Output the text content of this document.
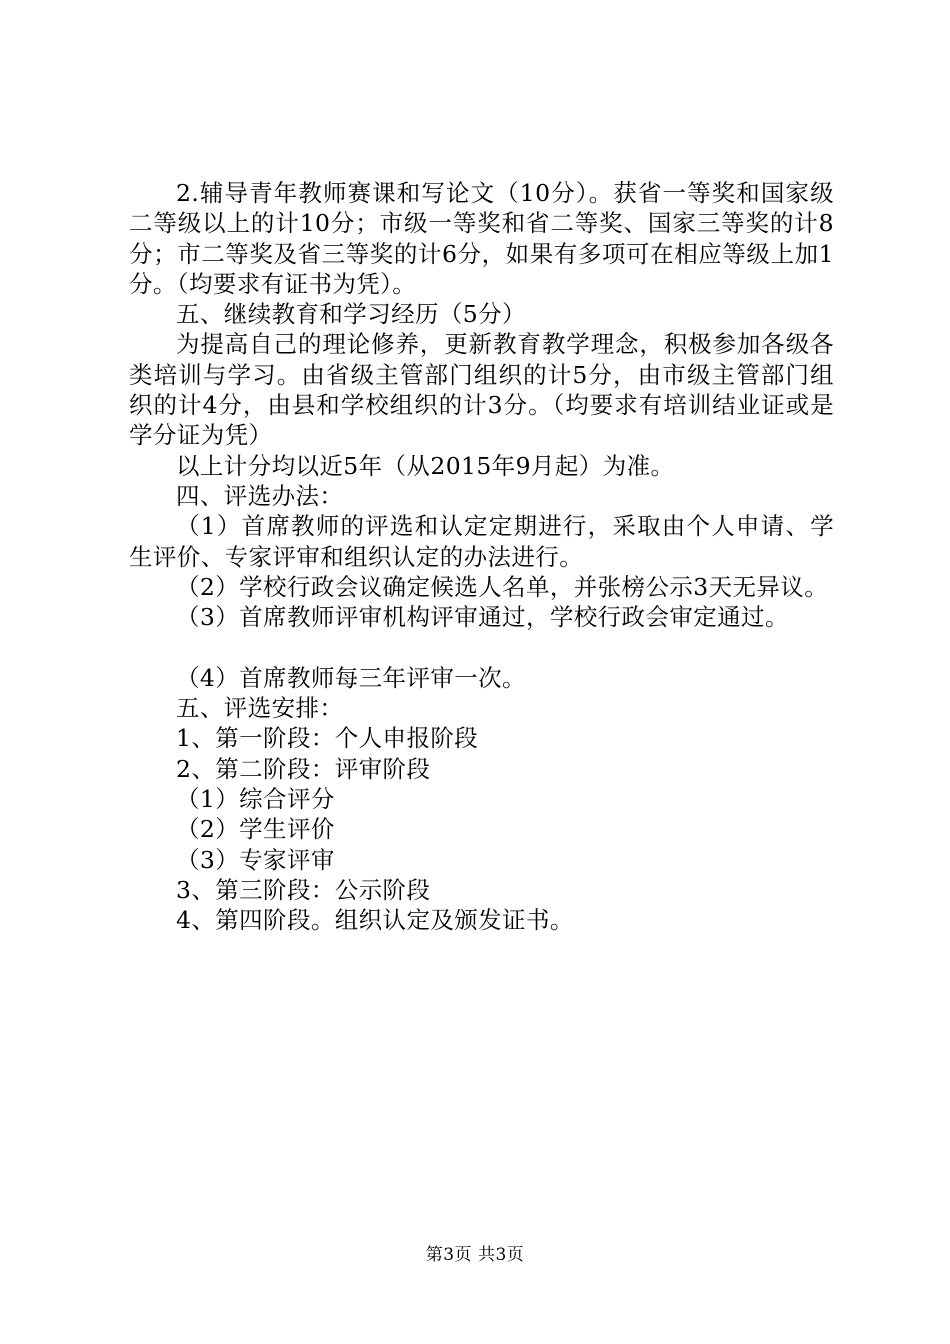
2.辅导青年教师赛课和写论文（10分）。获省一等奖和国家级二等级以上的计10分；市级一等奖和省二等奖、国家三等奖的计8分；市二等奖及省三等奖的计6分，如果有多项可在相应等级上加1分。（均要求有证书为凭）。

五、继续教育和学习经历（5分）

为提高自己的理论修养，更新教育教学理念，积极参加各级各类培训与学习。由省级主管部门组织的计5分，由市级主管部门组织的计4分，由县和学校组织的计3分。（均要求有培训结业证或是学分证为凭）

以上计分均以近5年（从2015年9月起）为准。

四、评选办法：

（1）首席教师的评选和认定定期进行，采取由个人申请、学生评价、专家评审和组织认定的办法进行。

（2）学校行政会议确定候选人名单，并张榜公示3天无异议。

（3）首席教师评审机构评审通过，学校行政会审定通过。

（4）首席教师每三年评审一次。

五、评选安排：

1、第一阶段：个人申报阶段

2、第二阶段：评审阶段

（1）综合评分

（2）学生评价

（3）专家评审

3、第三阶段：公示阶段

4、第四阶段。组织认定及颁发证书。

第3页 共3页
